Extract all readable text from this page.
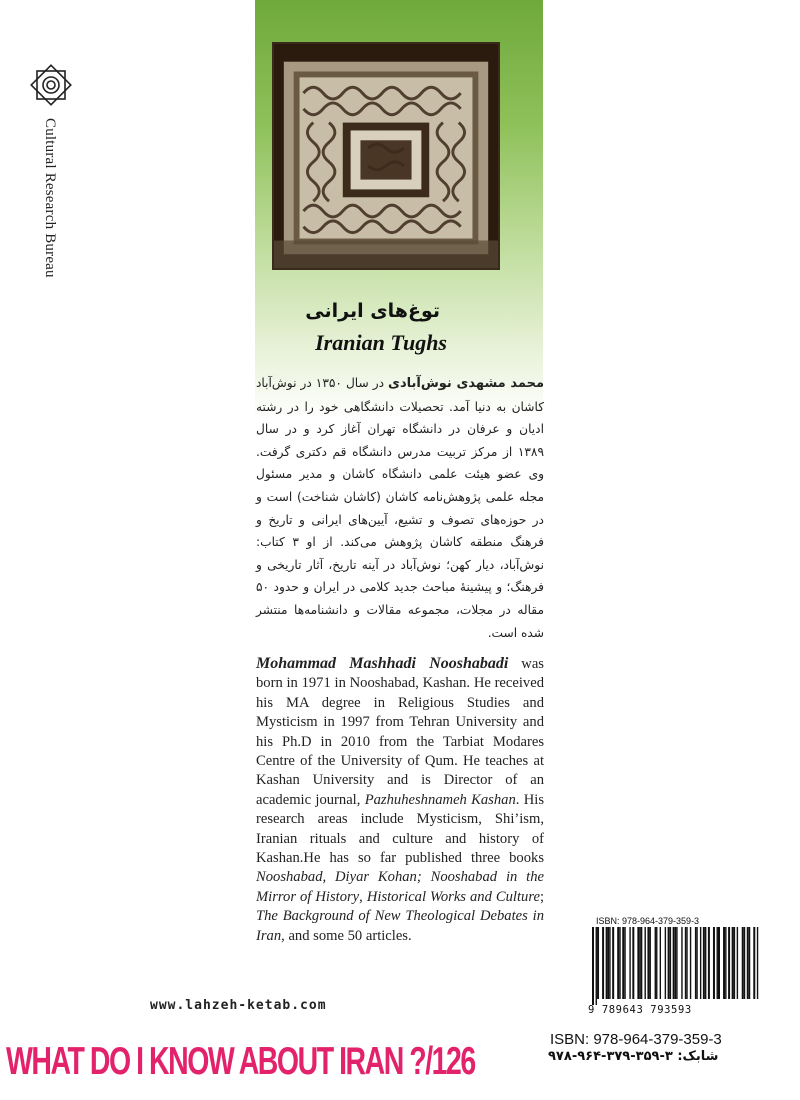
Cultural Research Bureau
توغ‌های ایرانی
Iranian Tughs
محمد مشهدی نوش‌آبادی در سال ۱۳۵۰ در نوش‌آباد کاشان به دنیا آمد. تحصیلات دانشگاهی خود را در رشته ادیان و عرفان در دانشگاه تهران آغاز کرد و در سال ۱۳۸۹ از مرکز تربیت مدرس دانشگاه قم دکتری گرفت. وی عضو هیئت علمی دانشگاه کاشان و مدیر مسئول مجله علمی پژوهش‌نامه کاشان (کاشان شناخت) است و در حوزه‌های تصوف و تشیع، آیین‌های ایرانی و تاریخ و فرهنگ منطقه کاشان پژوهش می‌کند. از او ۳ کتاب: نوش‌آباد، دیار کهن؛ نوش‌آباد در آینه تاریخ، آثار تاریخی و فرهنگ؛ و پیشینهٔ مباحث جدید کلامی در ایران و حدود ۵۰ مقاله در مجلات، مجموعه مقالات و دانشنامه‌ها منتشر شده است.
Mohammad Mashhadi Nooshabadi was born in 1971 in Nooshabad, Kashan. He received his MA degree in Religious Studies and Mysticism in 1997 from Tehran University and his Ph.D in 2010 from the Tarbiat Modares Centre of the University of Qum. He teaches at Kashan University and is Director of an academic journal, Pazhuheshnameh Kashan. His research areas include Mysticism, Shi’ism, Iranian rituals and culture and history of Kashan.He has so far published three books Nooshabad, Diyar Kohan; Nooshabad in the Mirror of History, Historical Works and Culture; The Background of New Theological Debates in Iran, and some 50 articles.
www.lahzeh-ketab.com
ISBN: 978-964-379-359-3
9 789643 793593
ISBN: 978-964-379-359-3
شابک: ۳-۳۵۹-۳۷۹-۹۶۴-۹۷۸
WHAT DO I KNOW ABOUT IRAN ?/126
